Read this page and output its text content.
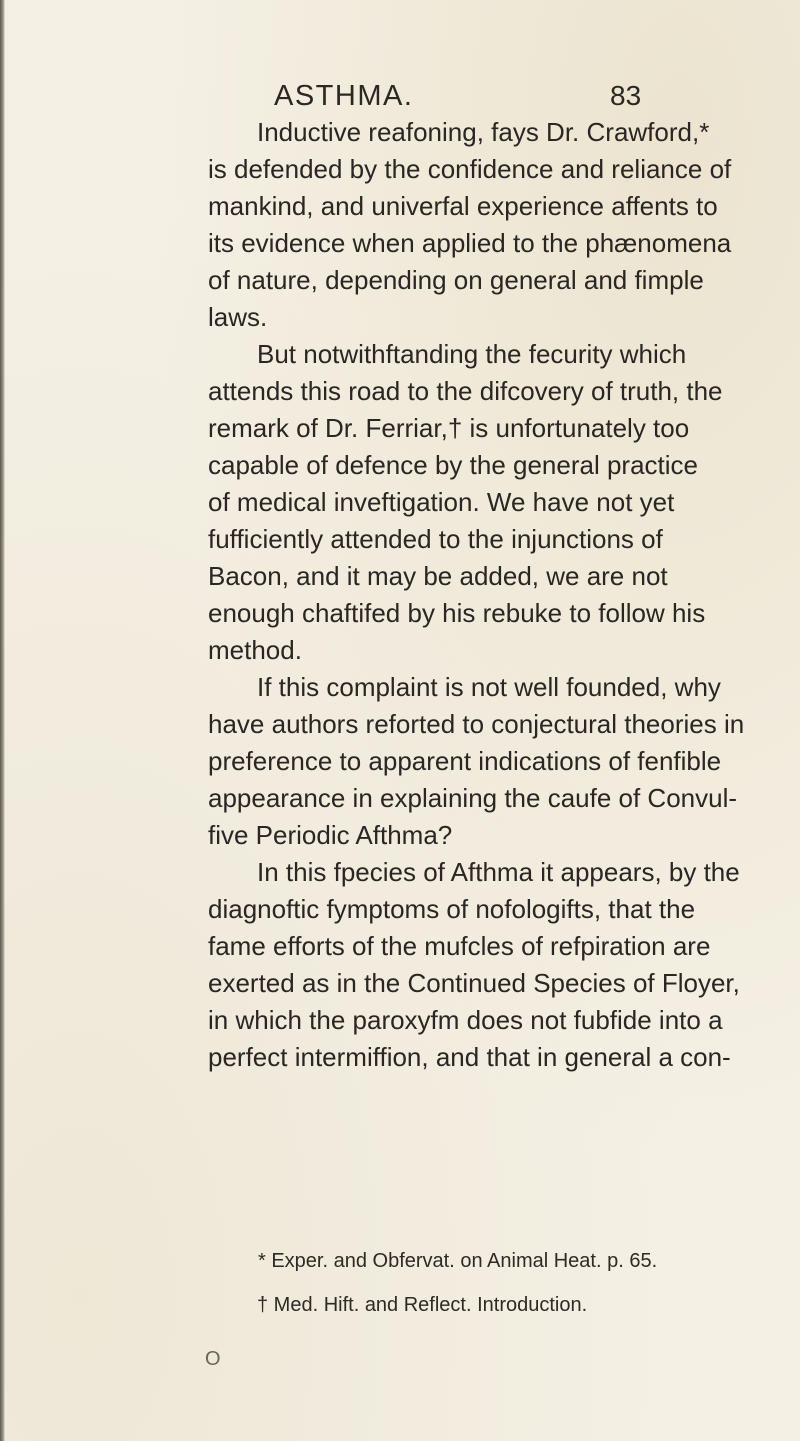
ASTHMA.	83
Inductive reafoning, fays Dr. Crawford,*
is defended by the confidence and reliance of
mankind, and univerfal experience affents to
its evidence when applied to the phænomena
of nature, depending on general and fimple
laws.
But notwithftanding the fecurity which
attends this road to the difcovery of truth, the
remark of Dr. Ferriar,† is unfortunately too
capable of defence by the general practice
of medical inveftigation. We have not yet
fufficiently attended to the injunctions of
Bacon, and it may be added, we are not
enough chaftifed by his rebuke to follow his
method.
If this complaint is not well founded, why
have authors reforted to conjectural theories in
preference to apparent indications of fenfible
appearance in explaining the caufe of Convul-
five Periodic Afthma?
In this fpecies of Afthma it appears, by the
diagnoftic fymptoms of nofologifts, that the
fame efforts of the mufcles of refpiration are
exerted as in the Continued Species of Floyer,
in which the paroxyfm does not fubfide into a
perfect intermiffion, and that in general a con-
* Exper. and Obfervat. on Animal Heat. p. 65.
† Med. Hift. and Reflect. Introduction.
O
